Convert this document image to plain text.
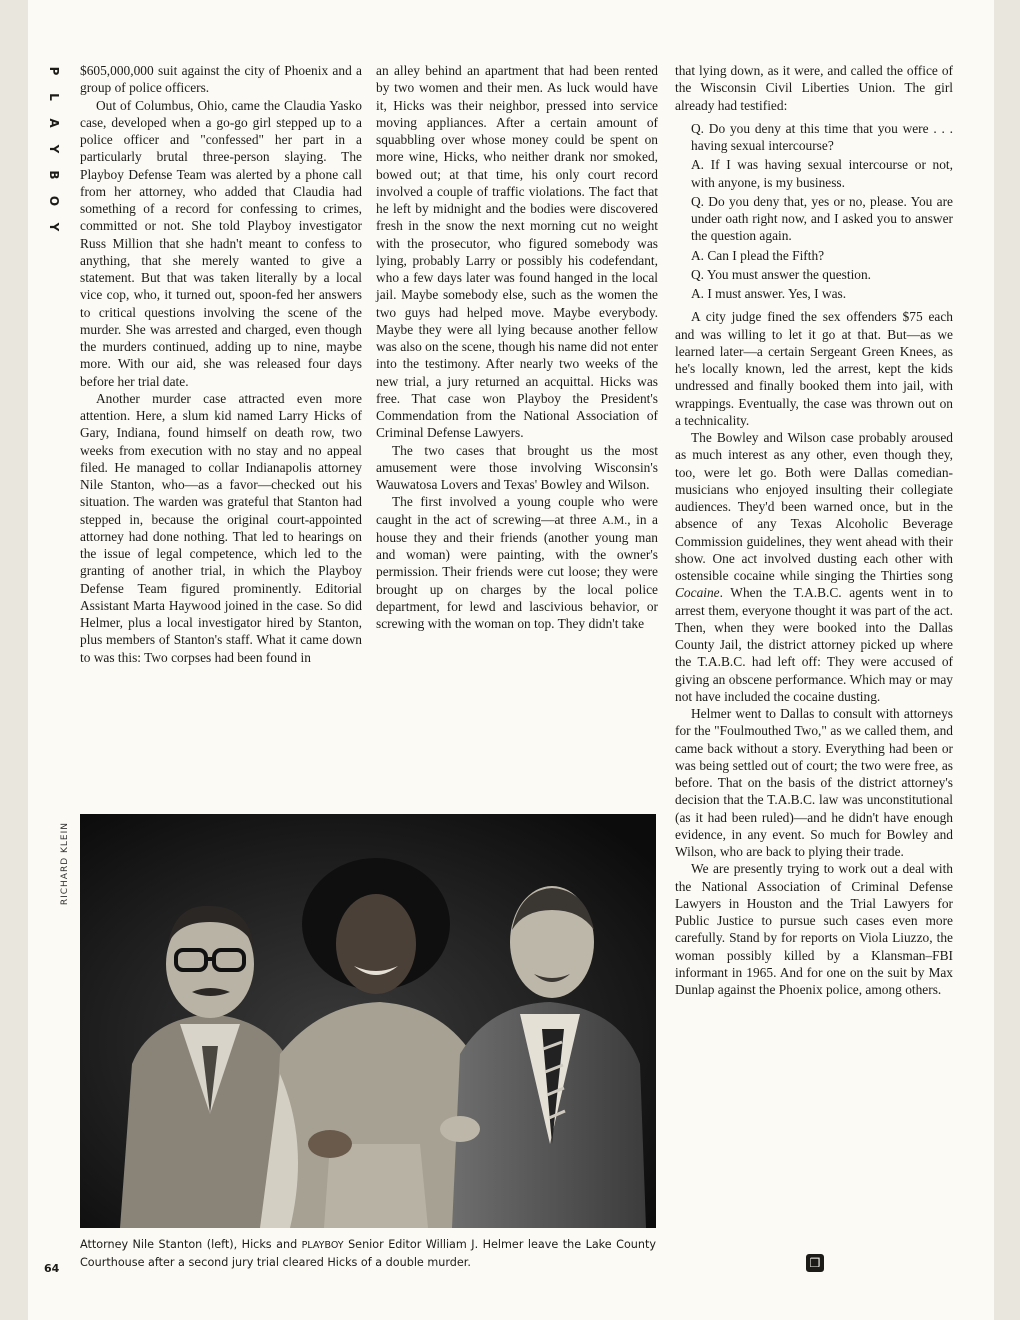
P
L
A
Y
B
O
Y

$605,000,000 suit against the city of Phoenix and a group of police officers.

Out of Columbus, Ohio, came the Claudia Yasko case, developed when a go-go girl stepped up to a police officer and "confessed" her part in a particularly brutal three-person slaying. The Playboy Defense Team was alerted by a phone call from her attorney, who added that Claudia had something of a record for confessing to crimes, committed or not. She told Playboy investigator Russ Million that she hadn't meant to confess to anything, that she merely wanted to give a statement. But that was taken literally by a local vice cop, who, it turned out, spoon-fed her answers to critical questions involving the scene of the murder. She was arrested and charged, even though the murders continued, adding up to nine, maybe more. With our aid, she was released four days before her trial date.

Another murder case attracted even more attention. Here, a slum kid named Larry Hicks of Gary, Indiana, found himself on death row, two weeks from execution with no stay and no appeal filed. He managed to collar Indianapolis attorney Nile Stanton, who—as a favor—checked out his situation. The warden was grateful that Stanton had stepped in, because the original court-appointed attorney had done nothing. That led to hearings on the issue of legal competence, which led to the granting of another trial, in which the Playboy Defense Team figured prominently. Editorial Assistant Marta Haywood joined in the case. So did Helmer, plus a local investigator hired by Stanton, plus members of Stanton's staff. What it came down to was this: Two corpses had been found in

an alley behind an apartment that had been rented by two women and their men. As luck would have it, Hicks was their neighbor, pressed into service moving appliances. After a certain amount of squabbling over whose money could be spent on more wine, Hicks, who neither drank nor smoked, bowed out; at that time, his only court record involved a couple of traffic violations. The fact that he left by midnight and the bodies were discovered fresh in the snow the next morning cut no weight with the prosecutor, who figured somebody was lying, probably Larry or possibly his codefendant, who a few days later was found hanged in the local jail. Maybe somebody else, such as the women the two guys had helped move. Maybe everybody. Maybe they were all lying because another fellow was also on the scene, though his name did not enter into the testimony. After nearly two weeks of the new trial, a jury returned an acquittal. Hicks was free. That case won Playboy the President's Commendation from the National Association of Criminal Defense Lawyers.

The two cases that brought us the most amusement were those involving Wisconsin's Wauwatosa Lovers and Texas' Bowley and Wilson.

The first involved a young couple who were caught in the act of screwing—at three A.M., in a house they and their friends (another young man and woman) were painting, with the owner's permission. Their friends were cut loose; they were brought up on charges by the local police department, for lewd and lascivious behavior, or screwing with the woman on top. They didn't take

that lying down, as it were, and called the office of the Wisconsin Civil Liberties Union. The girl already had testified:

Q. Do you deny at this time that you were . . . having sexual intercourse?

A. If I was having sexual intercourse or not, with anyone, is my business.

Q. Do you deny that, yes or no, please. You are under oath right now, and I asked you to answer the question again.

A. Can I plead the Fifth?

Q. You must answer the question.

A. I must answer. Yes, I was.

A city judge fined the sex offenders $75 each and was willing to let it go at that. But—as we learned later—a certain Sergeant Green Knees, as he's locally known, led the arrest, kept the kids undressed and finally booked them into jail, with wrappings. Eventually, the case was thrown out on a technicality.

The Bowley and Wilson case probably aroused as much interest as any other, even though they, too, were let go. Both were Dallas comedian-musicians who enjoyed insulting their collegiate audiences. They'd been warned once, but in the absence of any Texas Alcoholic Beverage Commission guidelines, they went ahead with their show. One act involved dusting each other with ostensible cocaine while singing the Thirties song Cocaine. When the T.A.B.C. agents went in to arrest them, everyone thought it was part of the act. Then, when they were booked into the Dallas County Jail, the district attorney picked up where the T.A.B.C. had left off: They were accused of giving an obscene performance. Which may or may not have included the cocaine dusting.

Helmer went to Dallas to consult with attorneys for the "Foulmouthed Two," as we called them, and came back without a story. Everything had been or was being settled out of court; the two were free, as before. That on the basis of the district attorney's decision that the T.A.B.C. law was unconstitutional (as it had been ruled)—and he didn't have enough evidence, in any event. So much for Bowley and Wilson, who are back to plying their trade.

We are presently trying to work out a deal with the National Association of Criminal Defense Lawyers in Houston and the Trial Lawyers for Public Justice to pursue such cases even more carefully. Stand by for reports on Viola Liuzzo, the woman possibly killed by a Klansman–FBI informant in 1965. And for one on the suit by Max Dunlap against the Phoenix police, among others.

RICHARD KLEIN
Attorney Nile Stanton (left), Hicks and PLAYBOY Senior Editor William J. Helmer leave the Lake County Courthouse after a second jury trial cleared Hicks of a double murder.
64	❒
